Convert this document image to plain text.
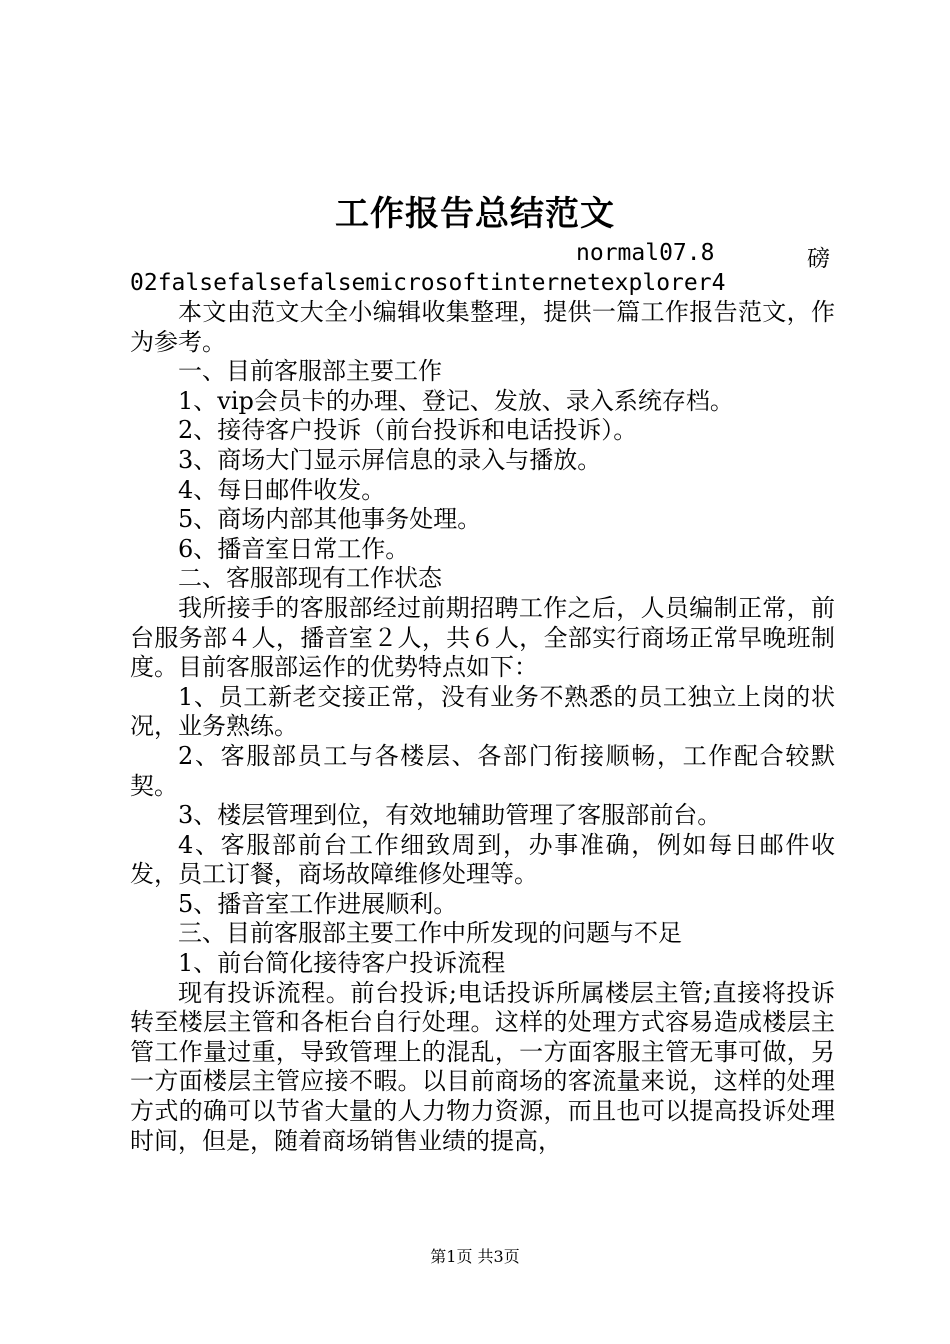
工作报告总结范文
normal07.8	磅
02falsefalsefalsemicrosoftinternetexplorer4

本文由范文大全小编辑收集整理，提供一篇工作报告范文，作为参考。

一、目前客服部主要工作

1、vip会员卡的办理、登记、发放、录入系统存档。

2、接待客户投诉（前台投诉和电话投诉）。

3、商场大门显示屏信息的录入与播放。

4、每日邮件收发。

5、商场内部其他事务处理。

6、播音室日常工作。

二、客服部现有工作状态

我所接手的客服部经过前期招聘工作之后，人员编制正常，前台服务部４人，播音室２人，共６人，全部实行商场正常早晚班制度。目前客服部运作的优势特点如下：

1、员工新老交接正常，没有业务不熟悉的员工独立上岗的状况，业务熟练。

2、客服部员工与各楼层、各部门衔接顺畅，工作配合较默契。

3、楼层管理到位，有效地辅助管理了客服部前台。

4、客服部前台工作细致周到，办事准确，例如每日邮件收发，员工订餐，商场故障维修处理等。

5、播音室工作进展顺利。

三、目前客服部主要工作中所发现的问题与不足

1、前台简化接待客户投诉流程

现有投诉流程。前台投诉;电话投诉所属楼层主管;直接将投诉转至楼层主管和各柜台自行处理。这样的处理方式容易造成楼层主管工作量过重，导致管理上的混乱，一方面客服主管无事可做，另一方面楼层主管应接不暇。以目前商场的客流量来说，这样的处理方式的确可以节省大量的人力物力资源，而且也可以提高投诉处理时间，但是，随着商场销售业绩的提高，

第1页 共3页
